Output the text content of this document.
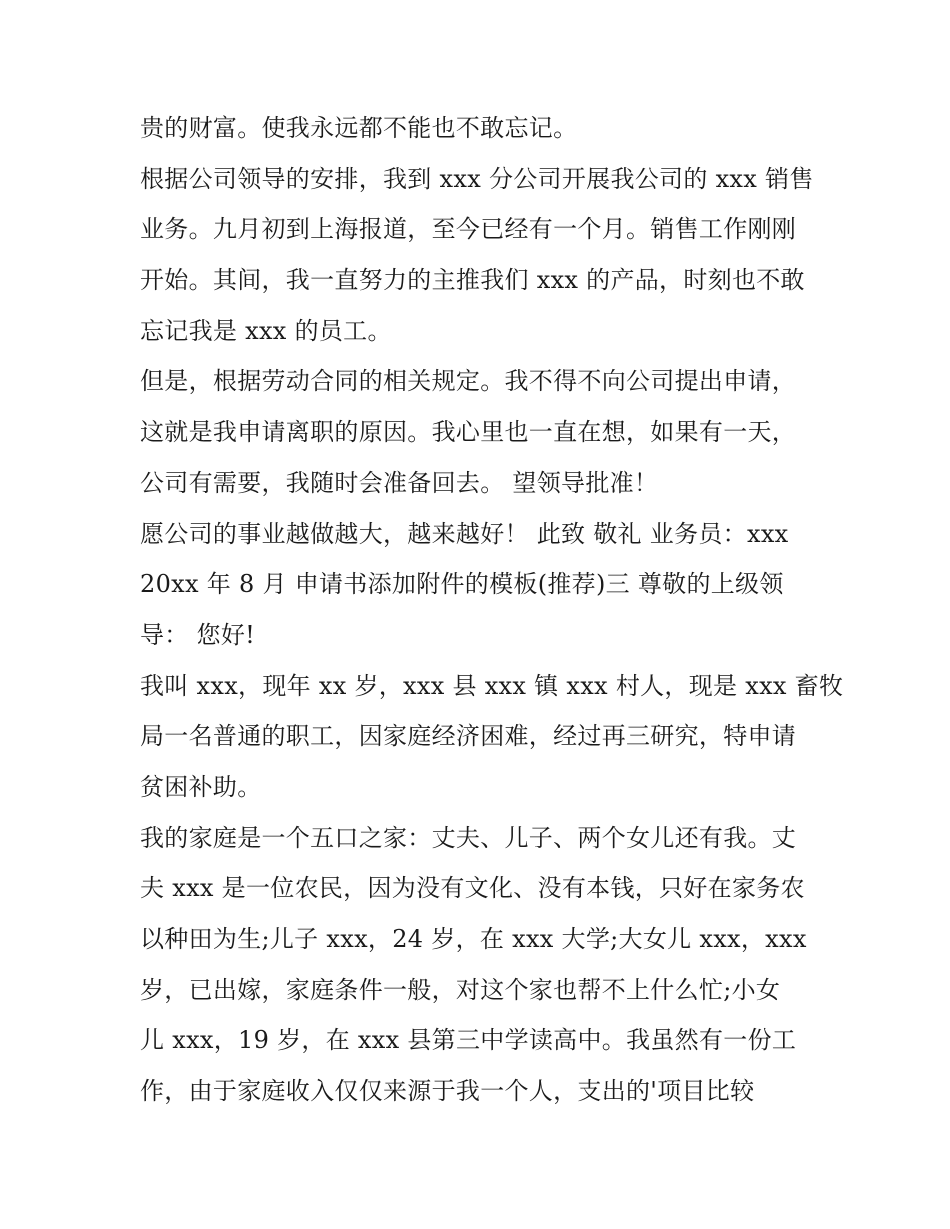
贵的财富。使我永远都不能也不敢忘记。
根据公司领导的安排，我到 xxx 分公司开展我公司的 xxx 销售
业务。九月初到上海报道，至今已经有一个月。销售工作刚刚
开始。其间，我一直努力的主推我们 xxx 的产品，时刻也不敢
忘记我是 xxx 的员工。
但是，根据劳动合同的相关规定。我不得不向公司提出申请，
这就是我申请离职的原因。我心里也一直在想，如果有一天，
公司有需要，我随时会准备回去。 望领导批准！
愿公司的事业越做越大，越来越好！ 此致 敬礼 业务员：xxx
20xx 年 8 月 申请书添加附件的模板(推荐)三 尊敬的上级领
导： 您好!
我叫 xxx，现年 xx 岁，xxx 县 xxx 镇 xxx 村人，现是 xxx 畜牧
局一名普通的职工，因家庭经济困难，经过再三研究，特申请
贫困补助。
我的家庭是一个五口之家：丈夫、儿子、两个女儿还有我。丈
夫 xxx 是一位农民，因为没有文化、没有本钱，只好在家务农
以种田为生;儿子 xxx，24 岁，在 xxx 大学;大女儿 xxx，xxx
岁，已出嫁，家庭条件一般，对这个家也帮不上什么忙;小女
儿 xxx，19 岁，在 xxx 县第三中学读高中。我虽然有一份工
作，由于家庭收入仅仅来源于我一个人，支出的'项目比较
